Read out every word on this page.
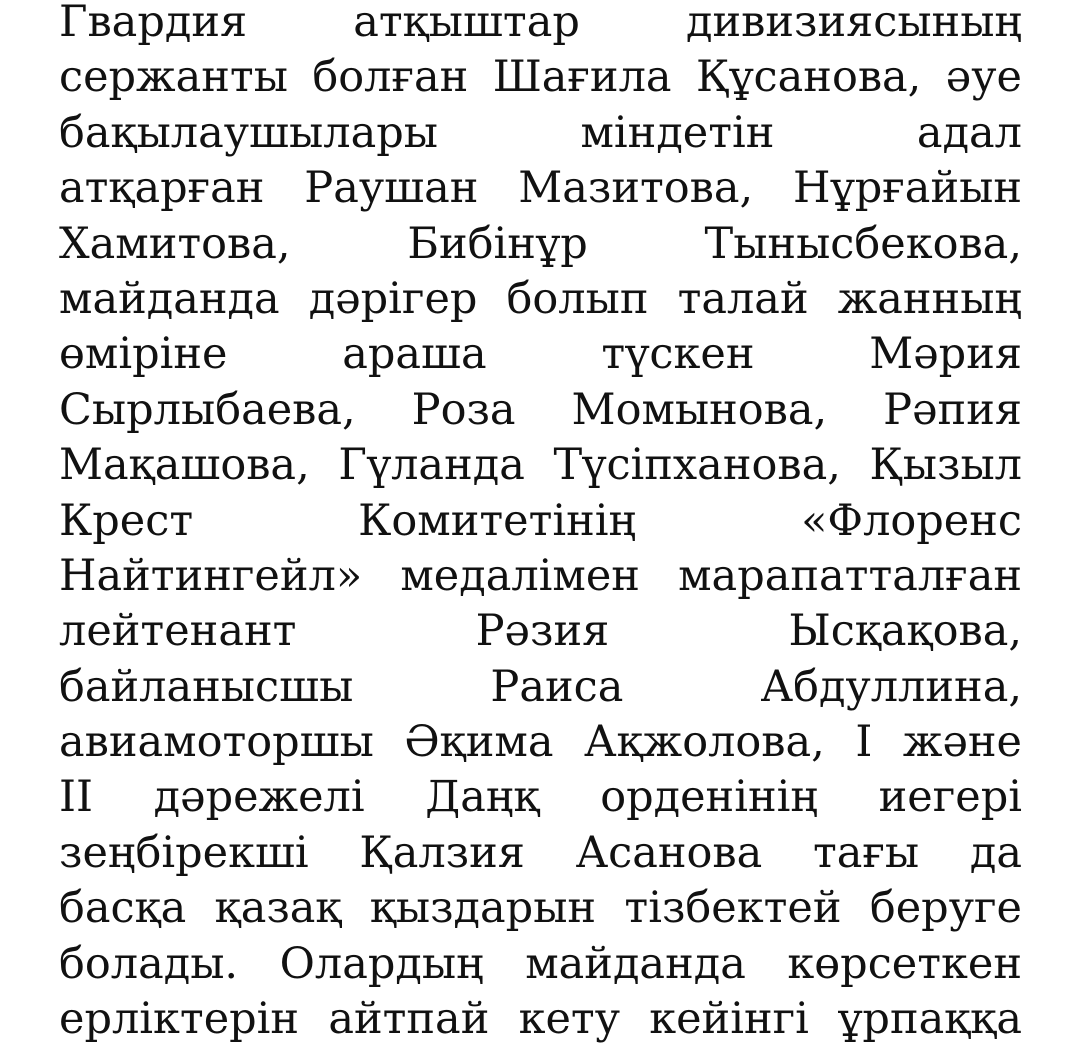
Гвардия атқыштар дивизиясының
сержанты болған Шағила Құсанова, әуе
бақылаушылары міндетін адал
атқарған Раушан Мазитова, Нұрғайын
Хамитова, Бибінұр Тынысбекова,
майданда дәрігер болып талай жанның
өміріне араша түскен Мәрия
Сырлыбаева, Роза Момынова, Рәпия
Мақашова, Гүланда Түсіпханова, Қызыл
Крест Комитетінің «Флоренс
Найтингейл» медалімен марапатталған
лейтенант Рәзия Ысқақова,
байланысшы Раиса Абдуллина,
авиамоторшы Әқима Ақжолова, І және
ІІ дәрежелі Даңқ орденінің иегері
зеңбірекші Қалзия Асанова тағы да
басқа қазақ қыздарын тізбектей беруге
болады. Олардың майданда көрсеткен
ерліктерін айтпай кету кейінгі ұрпаққа
